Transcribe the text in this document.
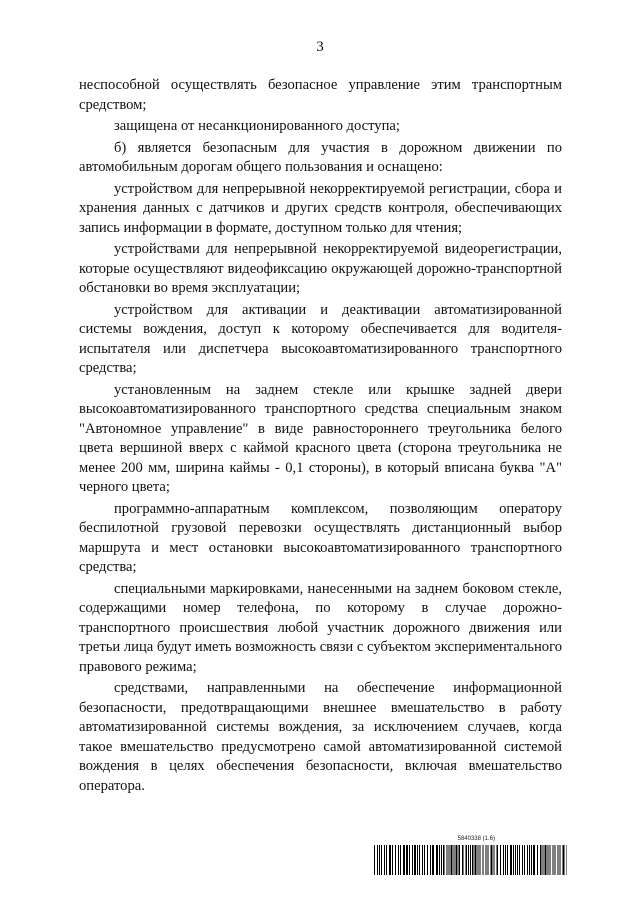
3

неспособной осуществлять безопасное управление этим транспортным средством;

защищена от несанкционированного доступа;

б) является безопасным для участия в дорожном движении по автомобильным дорогам общего пользования и оснащено:

устройством для непрерывной некорректируемой регистрации, сбора и хранения данных с датчиков и других средств контроля, обеспечивающих запись информации в формате, доступном только для чтения;

устройствами для непрерывной некорректируемой видеорегистрации, которые осуществляют видеофиксацию окружающей дорожно-транспортной обстановки во время эксплуатации;

устройством для активации и деактивации автоматизированной системы вождения, доступ к которому обеспечивается для водителя-испытателя или диспетчера высокоавтоматизированного транспортного средства;

установленным на заднем стекле или крышке задней двери высокоавтоматизированного транспортного средства специальным знаком "Автономное управление" в виде равностороннего треугольника белого цвета вершиной вверх с каймой красного цвета (сторона треугольника не менее 200 мм, ширина каймы - 0,1 стороны), в который вписана буква "А" черного цвета;

программно-аппаратным комплексом, позволяющим оператору беспилотной грузовой перевозки осуществлять дистанционный выбор маршрута и мест остановки высокоавтоматизированного транспортного средства;

специальными маркировками, нанесенными на заднем боковом стекле, содержащими номер телефона, по которому в случае дорожно-транспортного происшествия любой участник дорожного движения или третьи лица будут иметь возможность связи с субъектом экспериментального правового режима;

средствами, направленными на обеспечение информационной безопасности, предотвращающими внешнее вмешательство в работу автоматизированной системы вождения, за исключением случаев, когда такое вмешательство предусмотрено самой автоматизированной системой вождения в целях обеспечения безопасности, включая вмешательство оператора.

5840338 (1.6)
